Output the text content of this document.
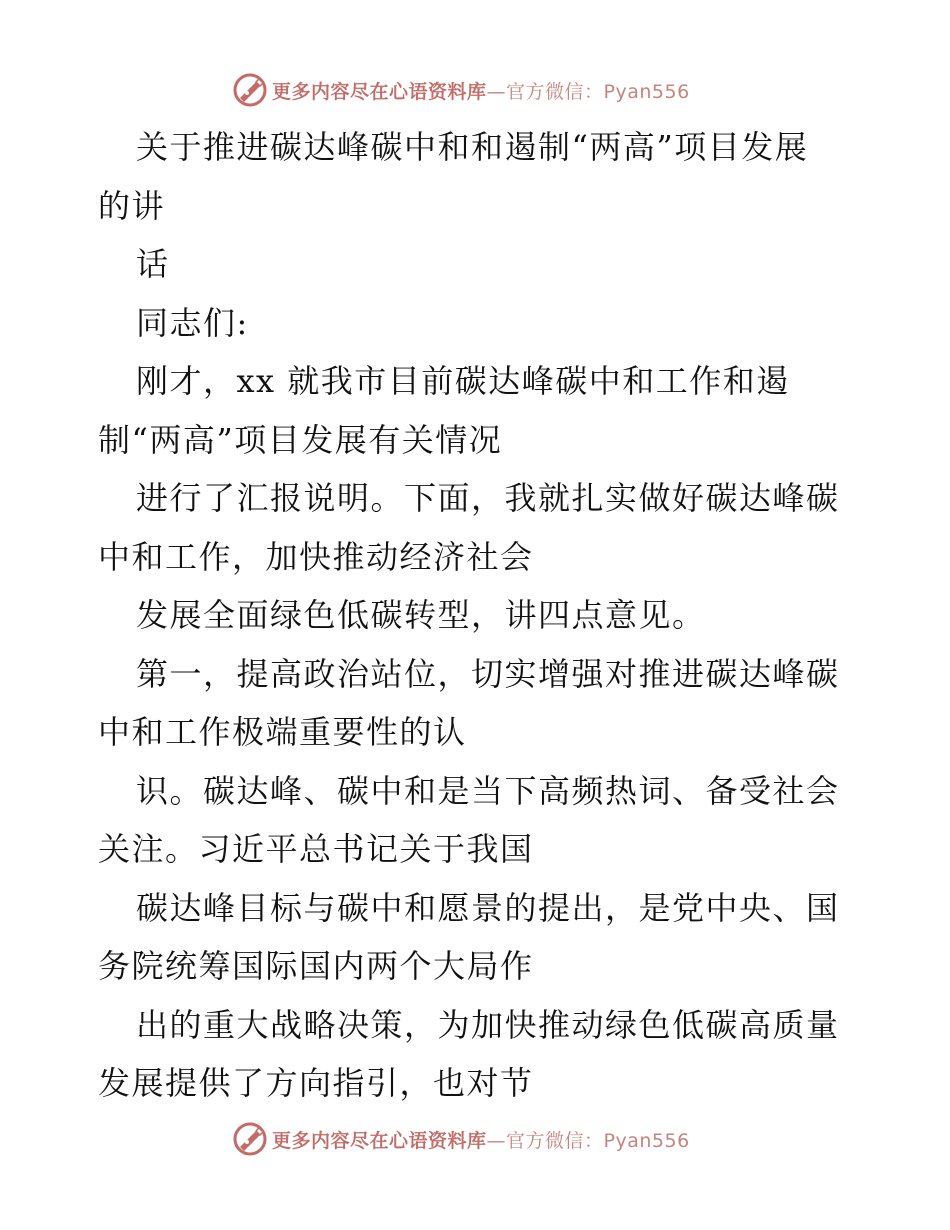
更多内容尽在心语资料库—官方微信：Pyan556
关于推进碳达峰碳中和和遏制“两高”项目发展
的讲
话
同志们:
刚才，xx 就我市目前碳达峰碳中和工作和遏
制“两高”项目发展有关情况
进行了汇报说明。下面，我就扎实做好碳达峰碳
中和工作，加快推动经济社会
发展全面绿色低碳转型，讲四点意见。
第一，提高政治站位，切实增强对推进碳达峰碳
中和工作极端重要性的认
识。碳达峰、碳中和是当下高频热词、备受社会
关注。习近平总书记关于我国
碳达峰目标与碳中和愿景的提出，是党中央、国
务院统筹国际国内两个大局作
出的重大战略决策，为加快推动绿色低碳高质量
发展提供了方向指引，也对节
更多内容尽在心语资料库—官方微信：Pyan556
